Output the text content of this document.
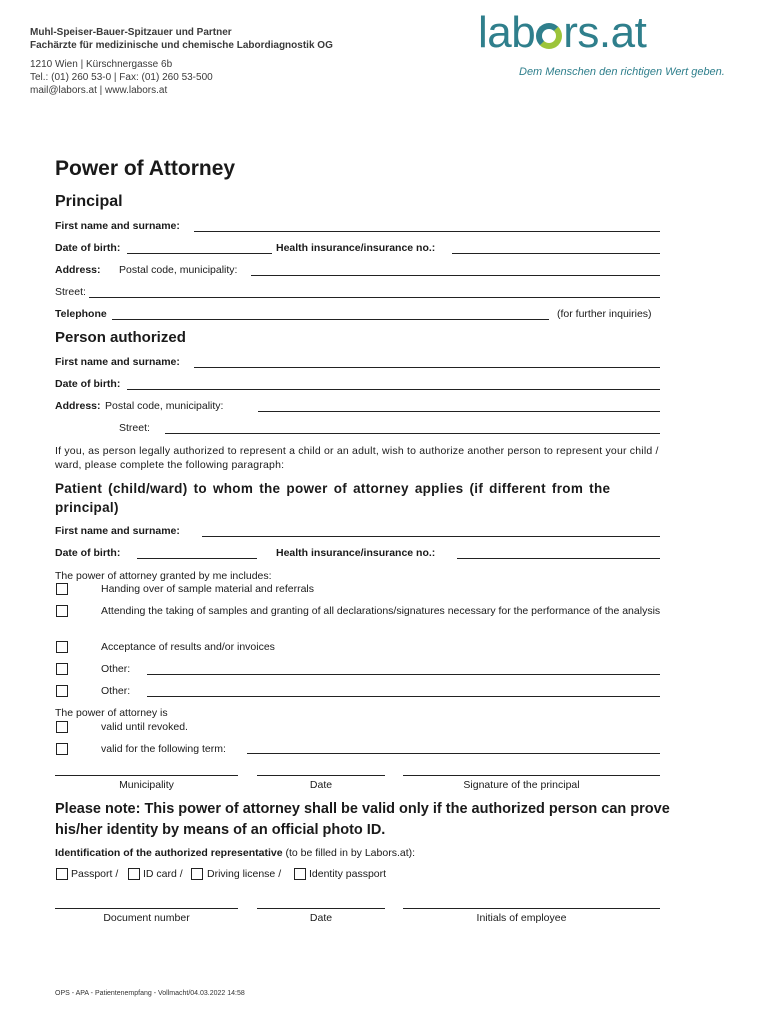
Muhl-Speiser-Bauer-Spitzauer und Partner
Fachärzte für medizinische und chemische Labordiagnostik OG
1210 Wien | Kürschnergasse 6b
Tel.: (01) 260 53-0 | Fax: (01) 260 53-500
mail@labors.at | www.labors.at
lab rs.at
Dem Menschen den richtigen Wert geben.
Power of Attorney
Principal
First name and surname:
Date of birth:	Health insurance/insurance no.:
Address: Postal code, municipality:
Street:
Telephone	(for further inquiries)
Person authorized
First name and surname:
Date of birth:
Address: Postal code, municipality:
Street:
If you, as person legally authorized to represent a child or an adult, wish to authorize another person to represent your child / ward, please complete the following paragraph:
Patient (child/ward) to whom the power of attorney applies (if different from the principal)
First name and surname:
Date of birth:	Health insurance/insurance no.:
The power of attorney granted by me includes:
Handing over of sample material and referrals
Attending the taking of samples and granting of all declarations/signatures necessary for the performance of the analysis
Acceptance of results and/or invoices
Other:
Other:
The power of attorney is
valid until revoked.
valid for the following term:
Municipality	Date	Signature of the principal
Please note: This power of attorney shall be valid only if the authorized person can prove his/her identity by means of an official photo ID.
Identification of the authorized representative (to be filled in by Labors.at):
Passport / ID card / Driving license /	Identity passport
Document number	Date	Initials of employee
OPS - APA - Patientenempfang - Vollmacht/04.03.2022 14:58
